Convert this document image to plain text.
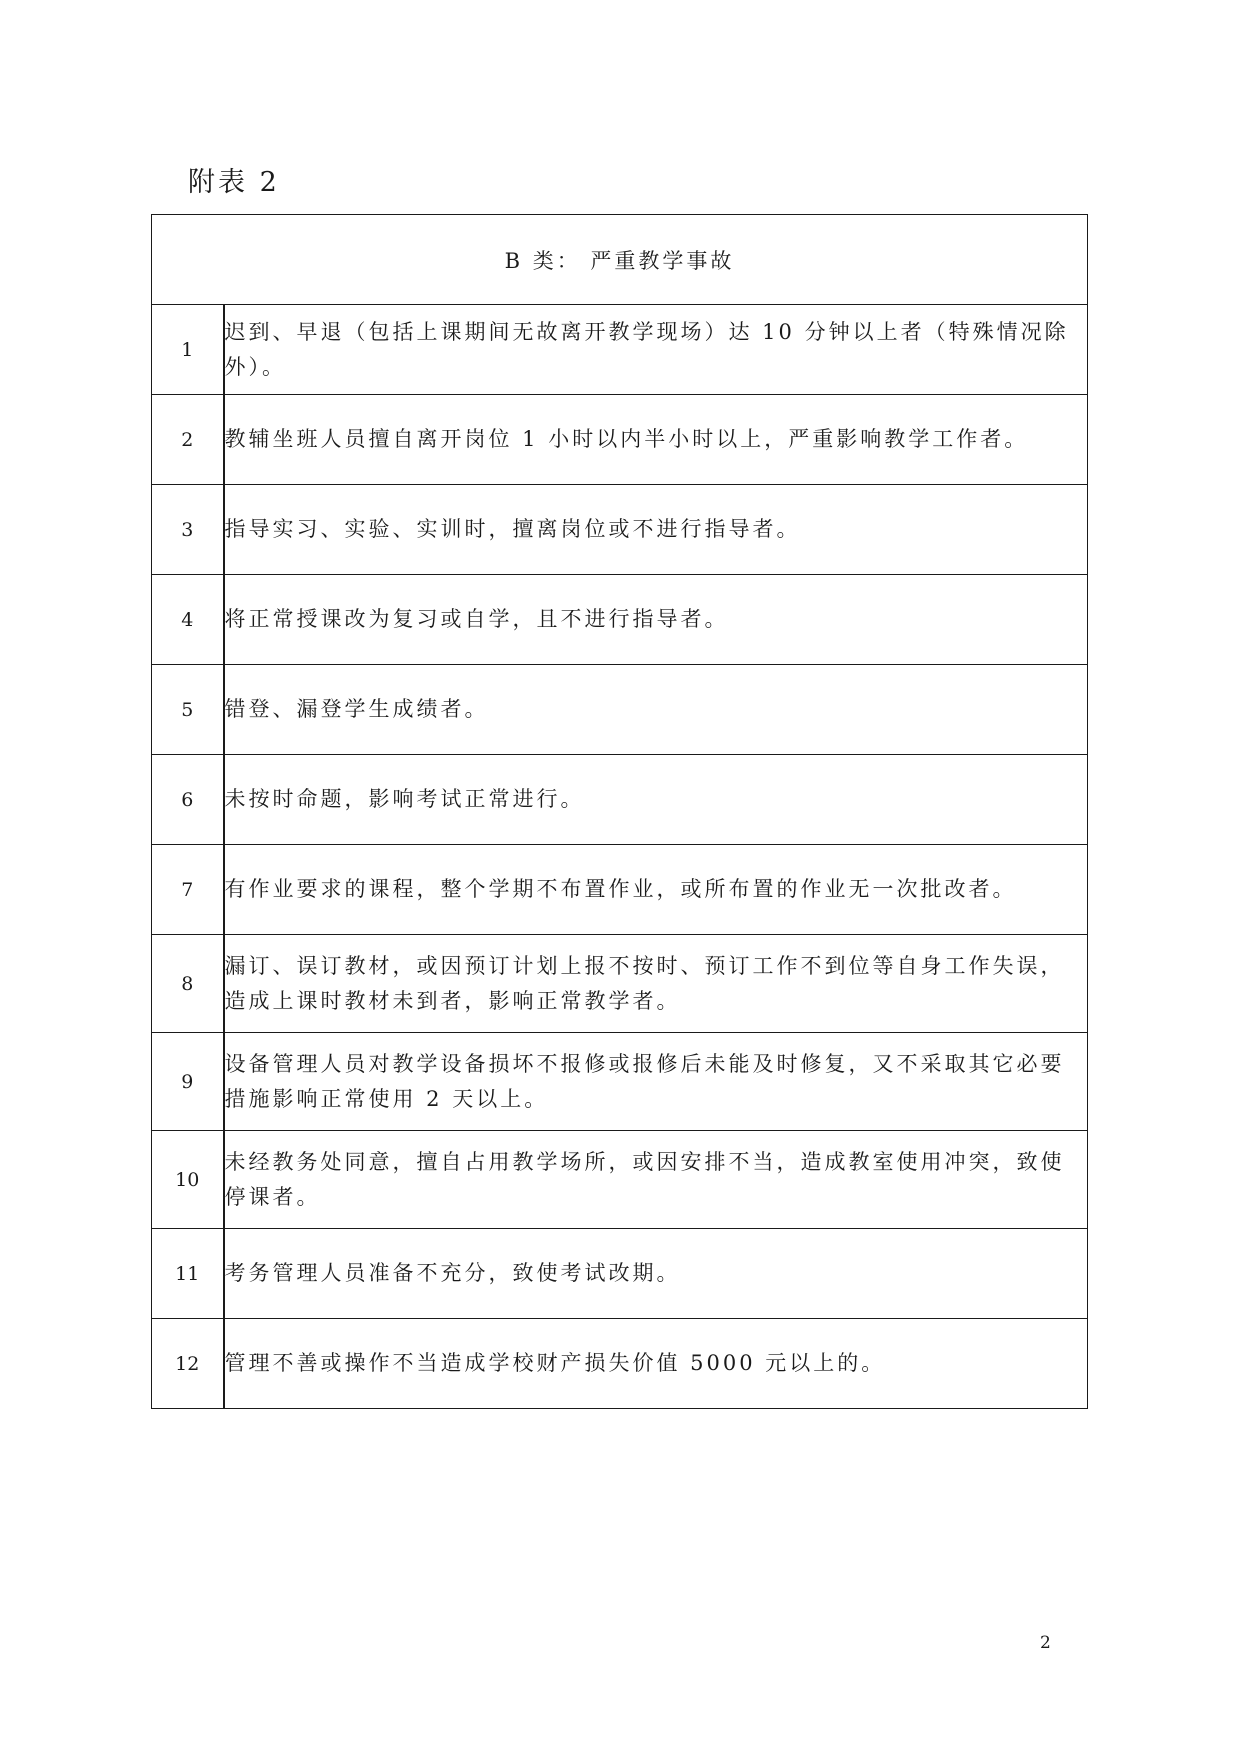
附表 2
B 类： 严重教学事故	
1	迟到、早退（包括上课期间无故离开教学现场）达 10 分钟以上者（特殊情况除外）。
2	教辅坐班人员擅自离开岗位 1 小时以内半小时以上，严重影响教学工作者。
3	指导实习、实验、实训时，擅离岗位或不进行指导者。
4	将正常授课改为复习或自学，且不进行指导者。
5	错登、漏登学生成绩者。
6	未按时命题，影响考试正常进行。
7	有作业要求的课程，整个学期不布置作业，或所布置的作业无一次批改者。
8	漏订、误订教材，或因预订计划上报不按时、预订工作不到位等自身工作失误，造成上课时教材未到者，影响正常教学者。
9	设备管理人员对教学设备损坏不报修或报修后未能及时修复，又不采取其它必要措施影响正常使用 2 天以上。
10	未经教务处同意，擅自占用教学场所，或因安排不当，造成教室使用冲突，致使停课者。
11	考务管理人员准备不充分，致使考试改期。
12	管理不善或操作不当造成学校财产损失价值 5000 元以上的。
2
